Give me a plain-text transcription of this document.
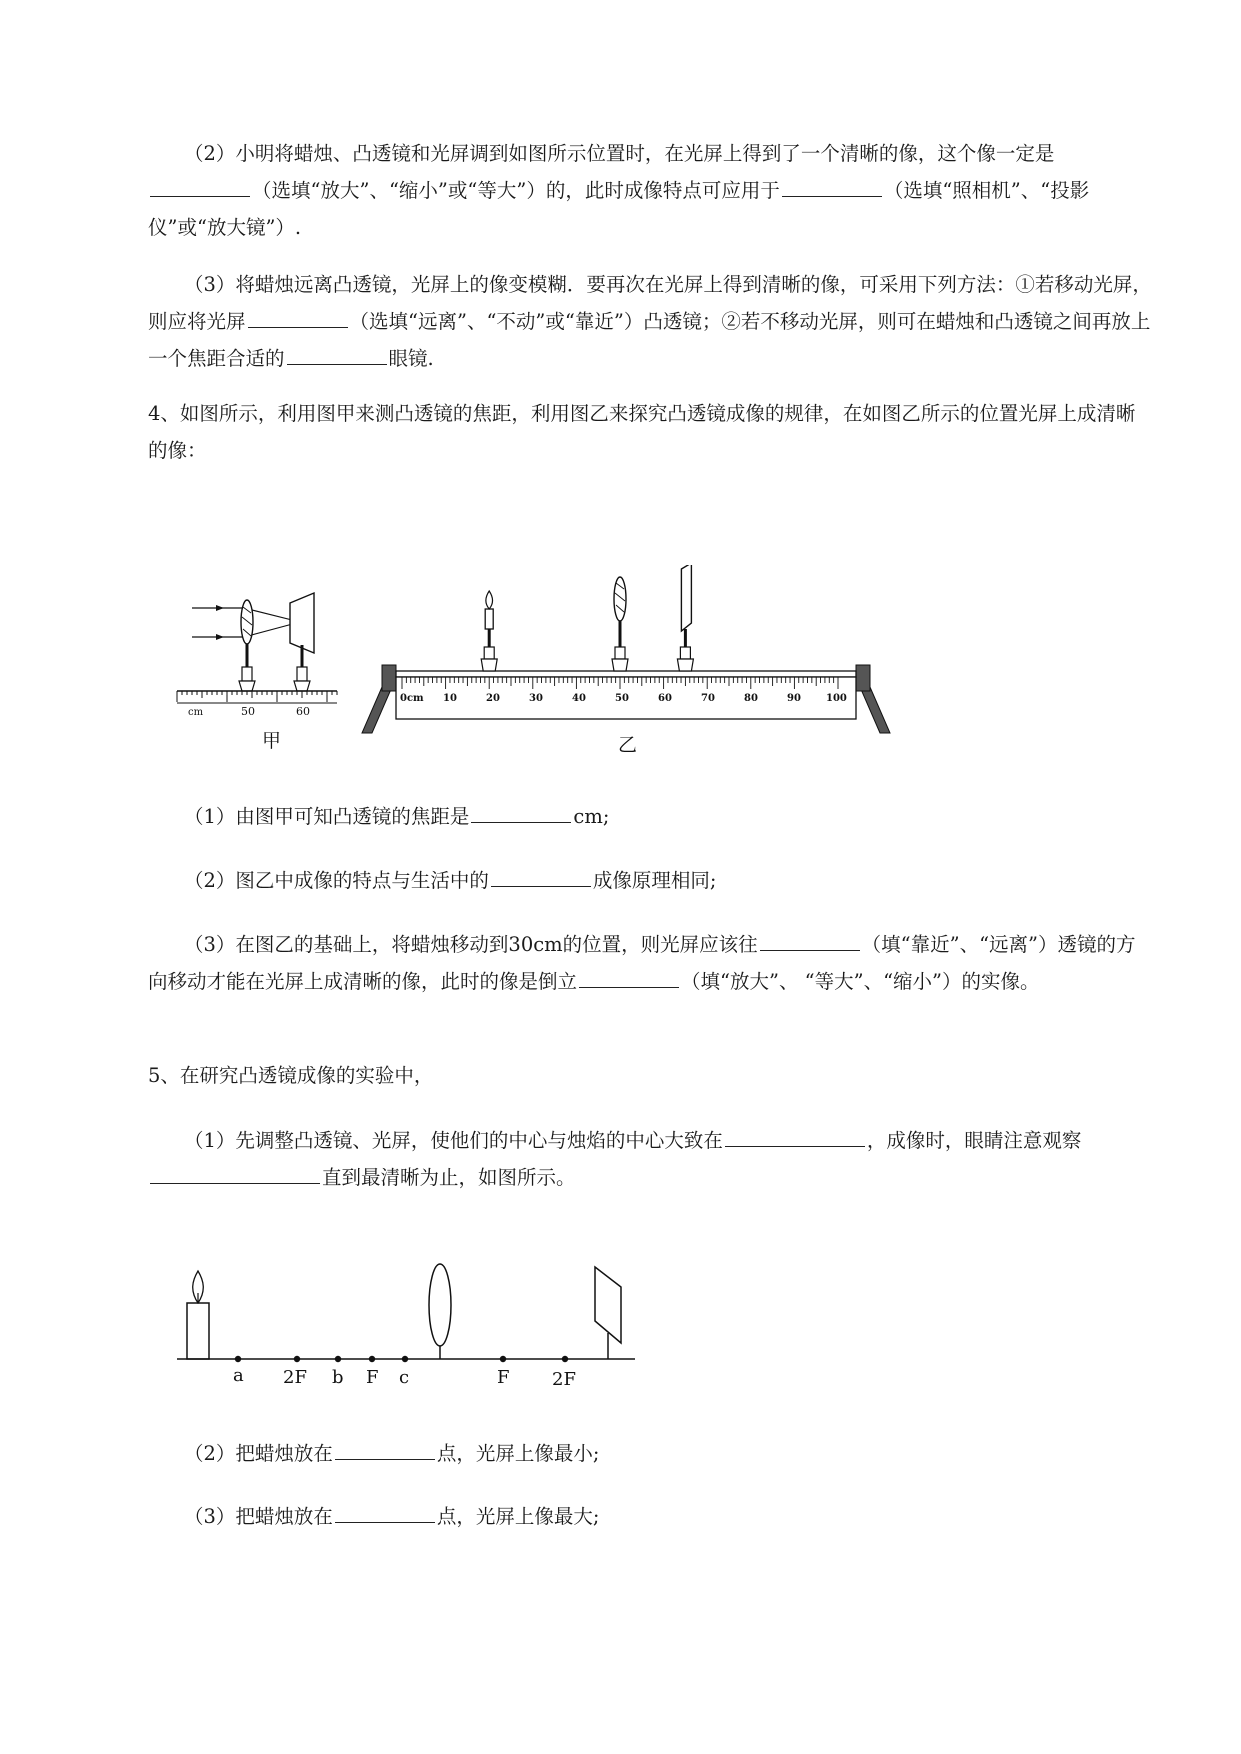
（2）小明将蜡烛、凸透镜和光屏调到如图所示位置时，在光屏上得到了一个清晰的像，这个像一定是（选填“放大”、“缩小”或“等大”）的，此时成像特点可应用于	（选填“照相机”、“投影仪”或“放大镜”）.

（3）将蜡烛远离凸透镜，光屏上的像变模糊．要再次在光屏上得到清晰的像，可采用下列方法：①若移动光屏，则应将光屏	（选填“远离”、“不动”或“靠近”）凸透镜；②若不移动光屏，则可在蜡烛和凸透镜之间再放上一个焦距合适的	眼镜.

4、如图所示，利用图甲来测凸透镜的焦距，利用图乙来探究凸透镜成像的规律，在如图乙所示的位置光屏上成清晰的像：

cm	50	60
甲
0cm 10	20	30	40	50	60	70	80	90	100
乙

（1）由图甲可知凸透镜的焦距是	cm;

（2）图乙中成像的特点与生活中的	成像原理相同;

（3）在图乙的基础上，将蜡烛移动到30cm的位置，则光屏应该往	（填“靠近”、“远离”）透镜的方向移动才能在光屏上成清晰的像，此时的像是倒立	（填“放大”、 “等大”、“缩小”）的实像。

5、在研究凸透镜成像的实验中，

（1）先调整凸透镜、光屏，使他们的中心与烛焰的中心大致在	，成像时，眼睛注意观察直到最清晰为止，如图所示。

a 2F b F c	F 2F

（2）把蜡烛放在	点，光屏上像最小;

（3）把蜡烛放在	点，光屏上像最大;
